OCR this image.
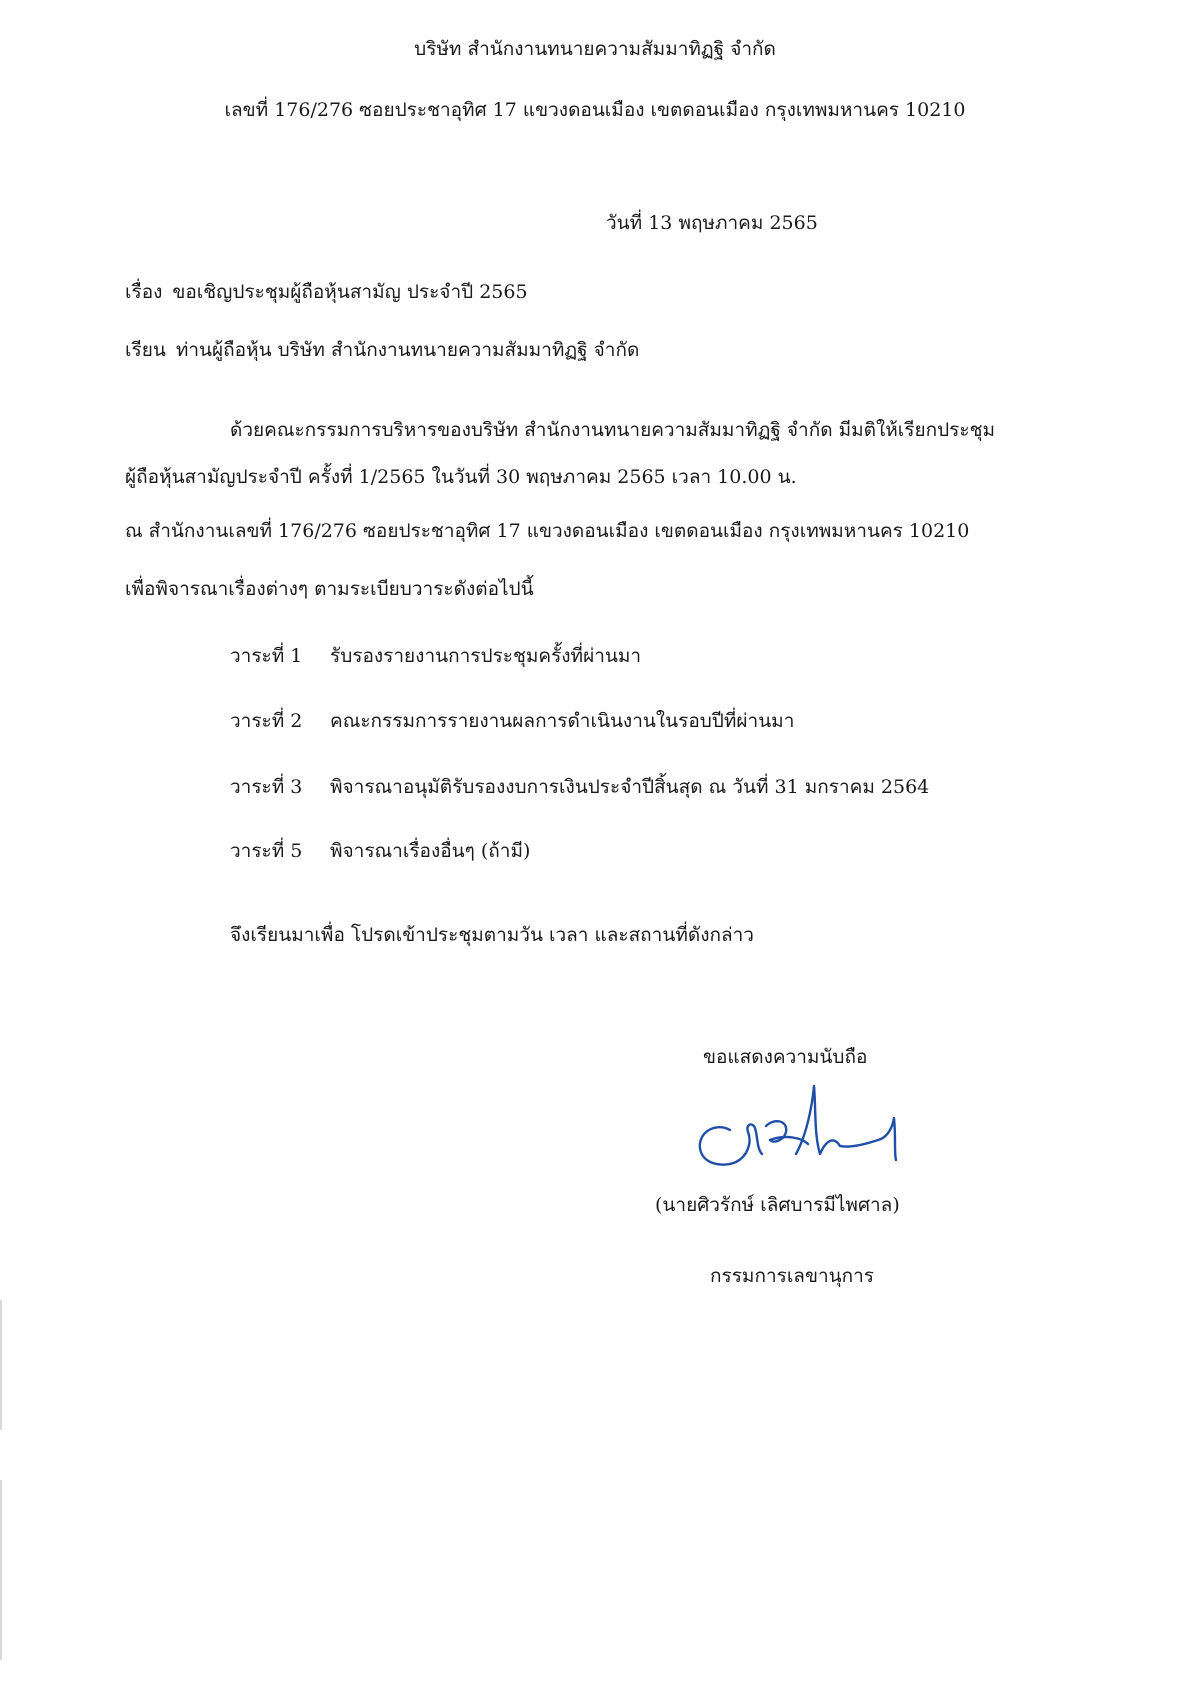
บริษัท สำนักงานทนายความสัมมาทิฏฐิ จำกัด
เลขที่ 176/276 ซอยประชาอุทิศ 17 แขวงดอนเมือง เขตดอนเมือง กรุงเทพมหานคร 10210
วันที่ 13 พฤษภาคม 2565
เรื่อง ขอเชิญประชุมผู้ถือหุ้นสามัญ ประจำปี 2565
เรียน ท่านผู้ถือหุ้น บริษัท สำนักงานทนายความสัมมาทิฏฐิ จำกัด
ด้วยคณะกรรมการบริหารของบริษัท สำนักงานทนายความสัมมาทิฏฐิ จำกัด มีมติให้เรียกประชุม
ผู้ถือหุ้นสามัญประจำปี ครั้งที่ 1/2565 ในวันที่ 30 พฤษภาคม 2565 เวลา 10.00 น.
ณ สำนักงานเลขที่ 176/276 ซอยประชาอุทิศ 17 แขวงดอนเมือง เขตดอนเมือง กรุงเทพมหานคร 10210
เพื่อพิจารณาเรื่องต่างๆ ตามระเบียบวาระดังต่อไปนี้
วาระที่ 1 รับรองรายงานการประชุมครั้งที่ผ่านมา
วาระที่ 2 คณะกรรมการรายงานผลการดำเนินงานในรอบปีที่ผ่านมา
วาระที่ 3 พิจารณาอนุมัติรับรองงบการเงินประจำปีสิ้นสุด ณ วันที่ 31 มกราคม 2564
วาระที่ 5 พิจารณาเรื่องอื่นๆ (ถ้ามี)
จึงเรียนมาเพื่อ โปรดเข้าประชุมตามวัน เวลา และสถานที่ดังกล่าว
ขอแสดงความนับถือ
(นายศิวรักษ์ เลิศบารมีไพศาล)
กรรมการเลขานุการ
